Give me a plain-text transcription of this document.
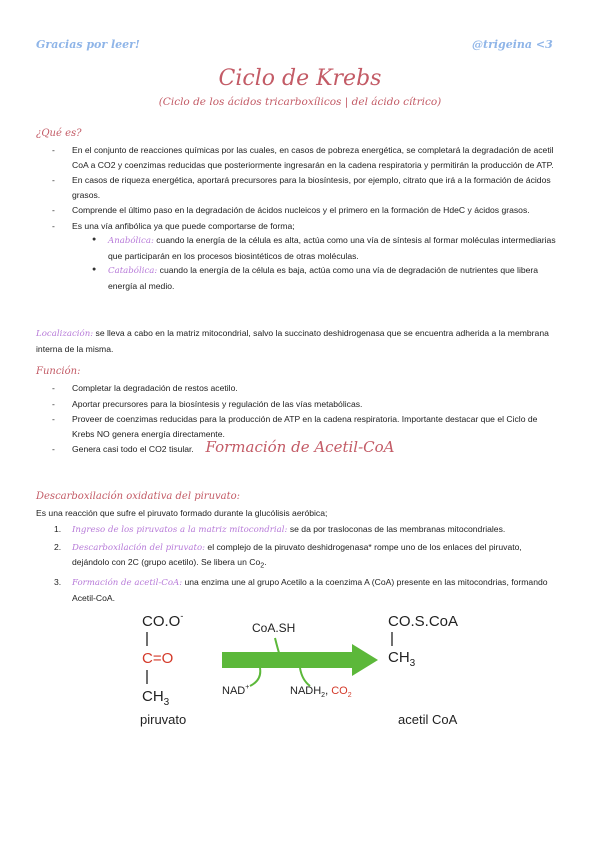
Gracias por leer!	@trigeina <3
Ciclo de Krebs
(Ciclo de los ácidos tricarboxílicos | del ácido cítrico)
¿Qué es?
- En el conjunto de reacciones químicas por las cuales, en casos de pobreza energética, se completará la degradación de acetil CoA a CO2 y coenzimas reducidas que posteriormente ingresarán en la cadena respiratoria y permitirán la producción de ATP.
- En casos de riqueza energética, aportará precursores para la biosíntesis, por ejemplo, citrato que irá a la formación de ácidos grasos.
- Comprende el último paso en la degradación de ácidos nucleicos y el primero en la formación de HdeC y ácidos grasos.
- Es una vía anfibólica ya que puede comportarse de forma;
● Anabólica: cuando la energía de la célula es alta, actúa como una vía de síntesis al formar moléculas intermediarias que participarán en los procesos biosintéticos de otras moléculas.
● Catabólica: cuando la energía de la célula es baja, actúa como una vía de degradación de nutrientes que libera energía al medio.
Localización: se lleva a cabo en la matriz mitocondrial, salvo la succinato deshidrogenasa que se encuentra adherida a la membrana interna de la misma.
Función:
- Completar la degradación de restos acetilo.
- Aportar precursores para la biosíntesis y regulación de las vías metabólicas.
- Proveer de coenzimas reducidas para la producción de ATP en la cadena respiratoria. Importante destacar que el Ciclo de Krebs NO genera energía directamente.
- Genera casi todo el CO2 tisular. Formación de Acetil-CoA
Descarboxilación oxidativa del piruvato:
Es una reacción que sufre el piruvato formado durante la glucólisis aeróbica;
1. Ingreso de los piruvatos a la matriz mitocondrial: se da por trasloconas de las membranas mitocondriales.
2. Descarboxilación del piruvato: el complejo de la piruvato deshidrogenasa* rompe uno de los enlaces del piruvato, dejándolo con 2C (grupo acetilo). Se libera un $Co_2$.
3. Formación de acetil-CoA: una enzima une al grupo Acetilo a la coenzima A (CoA) presente en las mitocondrias, formando Acetil-CoA.
CO.O-
C=O
$CH_3$
piruvato
CoA.SH
NAD+	$NADH_2$, $CO_2$
CO.S.CoA
$CH_3$
acetil CoA
